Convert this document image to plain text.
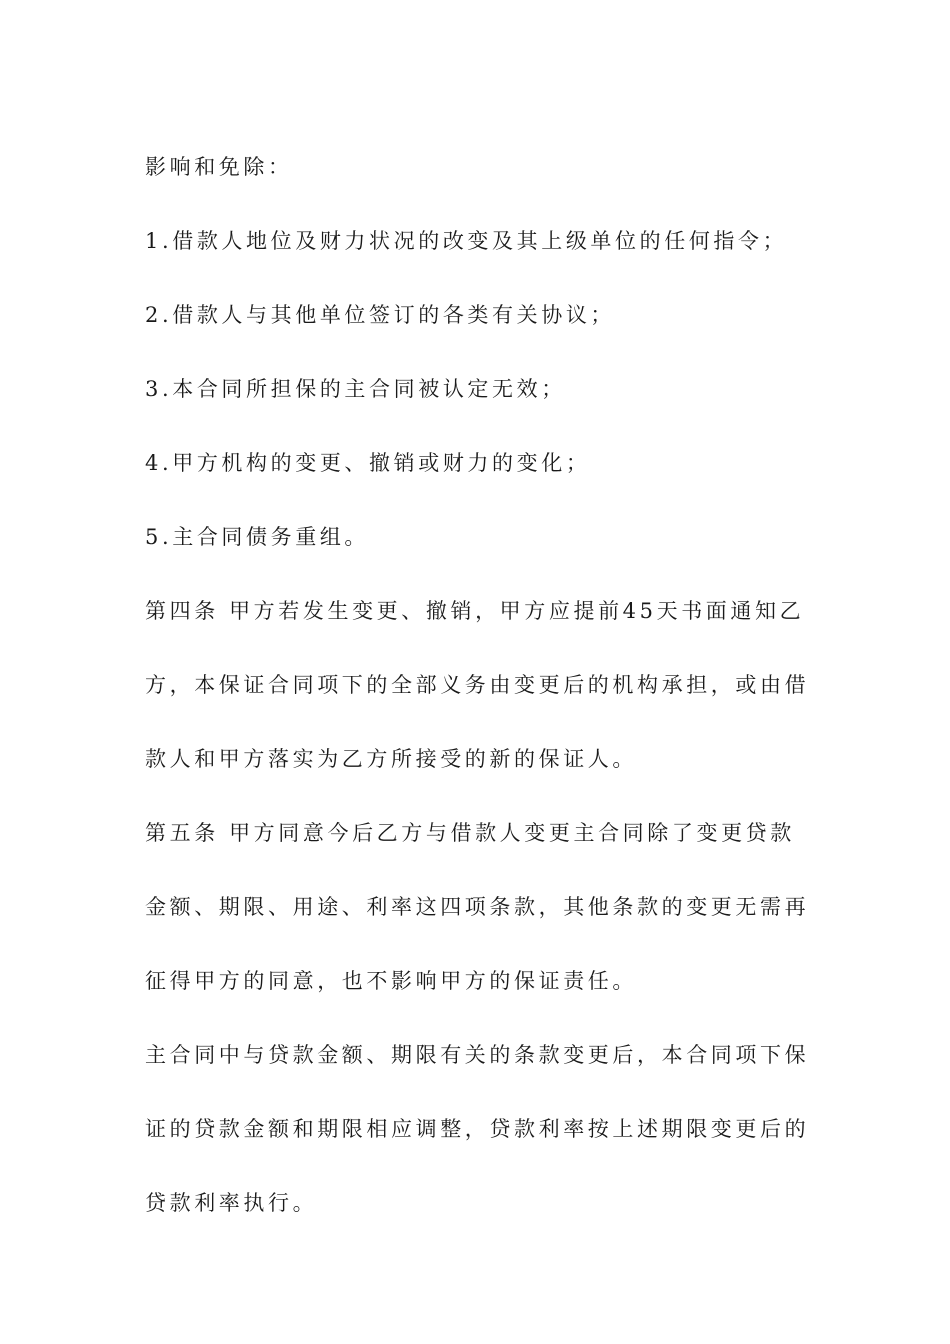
影响和免除：

1.借款人地位及财力状况的改变及其上级单位的任何指令；

2.借款人与其他单位签订的各类有关协议；

3.本合同所担保的主合同被认定无效；

4.甲方机构的变更、撤销或财力的变化；

5.主合同债务重组。

第四条 甲方若发生变更、撤销，甲方应提前45天书面通知乙方，本保证合同项下的全部义务由变更后的机构承担，或由借款人和甲方落实为乙方所接受的新的保证人。

第五条 甲方同意今后乙方与借款人变更主合同除了变更贷款金额、期限、用途、利率这四项条款，其他条款的变更无需再征得甲方的同意，也不影响甲方的保证责任。

主合同中与贷款金额、期限有关的条款变更后，本合同项下保证的贷款金额和期限相应调整，贷款利率按上述期限变更后的贷款利率执行。
